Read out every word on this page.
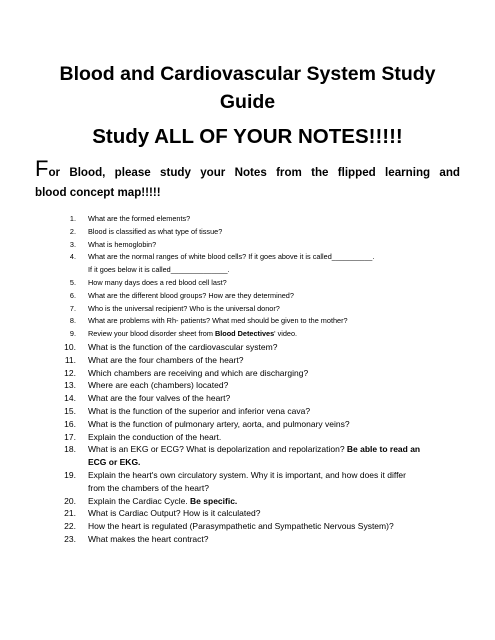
Blood and Cardiovascular System Study
Guide
Study ALL OF YOUR NOTES!!!!!
For Blood, please study your Notes from the flipped learning and
blood concept map!!!!!
1. What are the formed elements?
2. Blood is classified as what type of tissue?
3. What is hemoglobin?
4. What are the normal ranges of white blood cells? If it goes above it is called__________.
If it goes below it is called______________.
5. How many days does a red blood cell last?
6. What are the different blood groups? How are they determined?
7. Who is the universal recipient? Who is the universal donor?
8. What are problems with Rh- patients? What med should be given to the mother?
9. Review your blood disorder sheet from Blood Detectives' video.
10. What is the function of the cardiovascular system?
11. What are the four chambers of the heart?
12. Which chambers are receiving and which are discharging?
13. Where are each (chambers) located?
14. What are the four valves of the heart?
15. What is the function of the superior and inferior vena cava?
16. What is the function of pulmonary artery, aorta, and pulmonary veins?
17. Explain the conduction of the heart.
18. What is an EKG or ECG? What is depolarization and repolarization? Be able to read an
ECG or EKG.
19. Explain the heart's own circulatory system. Why it is important, and how does it differ
from the chambers of the heart?
20. Explain the Cardiac Cycle. Be specific.
21. What is Cardiac Output? How is it calculated?
22. How the heart is regulated (Parasympathetic and Sympathetic Nervous System)?
23. What makes the heart contract?
